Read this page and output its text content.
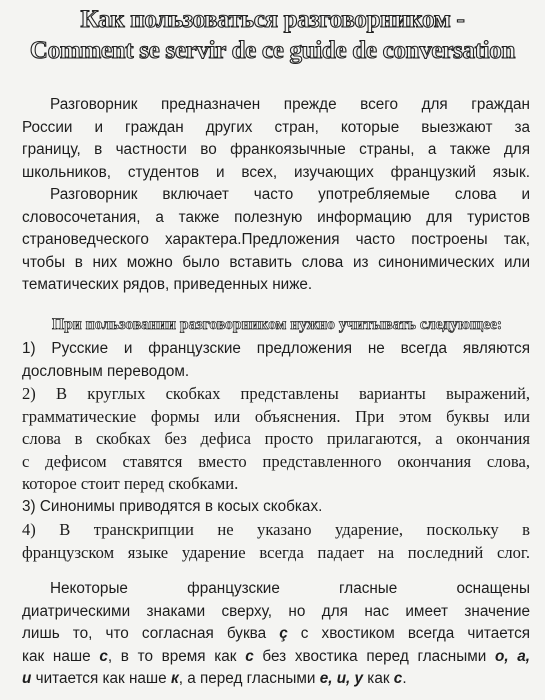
Как пользоваться разговорником -
Comment se servir de ce guide de conversation
Разговорник предназначен прежде всего для граждан
России и граждан других стран, которые выезжают за
границу, в частности во франкоязычные страны, а также для
школьников, студентов и всех, изучающих французкий язык.
Разговорник включает часто употребляемые слова и
словосочетания, а также полезную информацию для туристов
страноведческого характера.Предложения часто построены так,
чтобы в них можно было вставить слова из синонимических или
тематических рядов, приведенных ниже.
При пользовании разговорником нужно учитывать следующее:
1) Русские и французские предложения не всегда являются
дословным переводом.
2) В круглых скобках представлены варианты выражений,
грамматические формы или объяснения. При этом буквы или
слова в скобках без дефиса просто прилагаются, а окончания
с дефисом ставятся вместо представленного окончания слова,
которое стоит перед скобками.
3) Синонимы приводятся в косых скобках.
4) В транскрипции не указано ударение, поскольку в
французском языке ударение всегда падает на последний слог.
Некоторые французские гласные оснащены
диатрическими знаками сверху, но для нас имеет значение
лишь то, что согласная буква ç с хвостиком всегда читается
как наше с, в то время как с без хвостика перед гласными о, а,
и читается как наше к, а перед гласными е, и, у как с.
